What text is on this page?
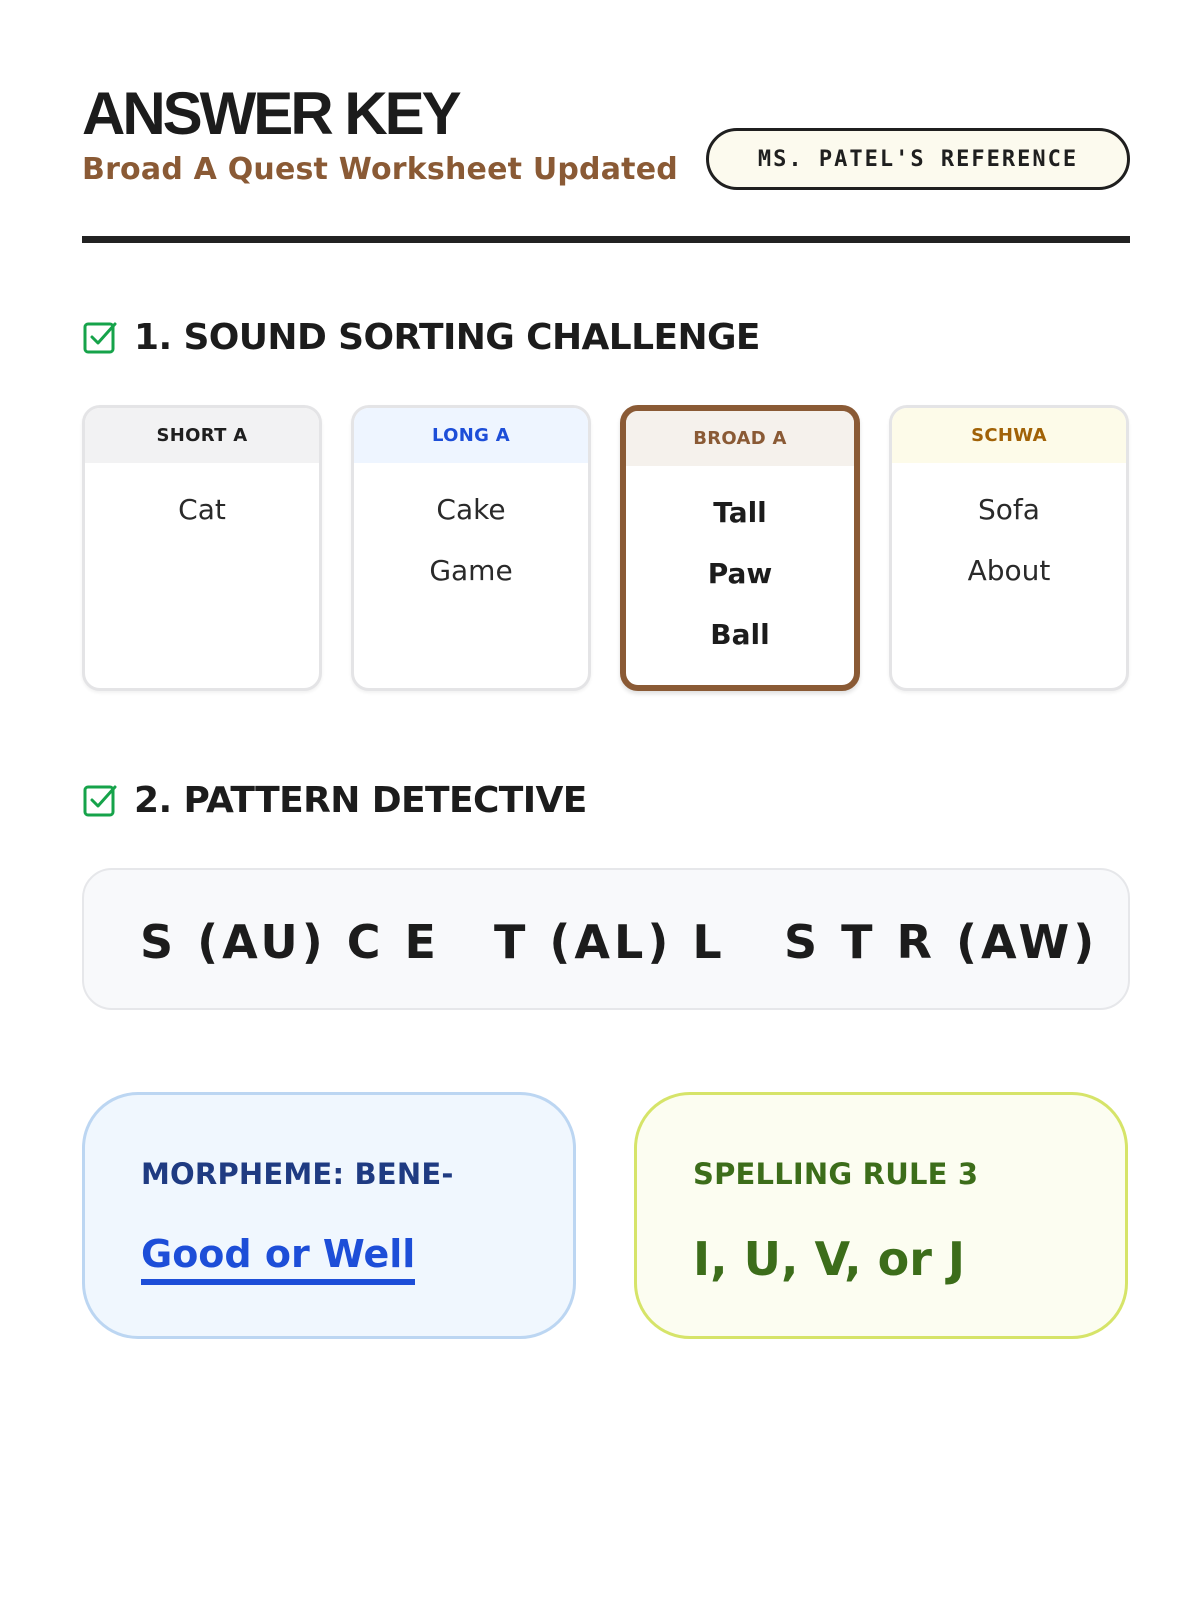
ANSWER KEY
Broad A Quest Worksheet Updated	MS. PATEL'S REFERENCE
1. SOUND SORTING CHALLENGE
SHORT A
Cat
LONG A
Cake
Game
BROAD A
Tall
Paw
Ball
SCHWA
Sofa
About
2. PATTERN DETECTIVE
S (AU) C E T (AL) L S T R (AW)
MORPHEME: BENE-
Good or Well
SPELLING RULE 3
I, U, V, or J
